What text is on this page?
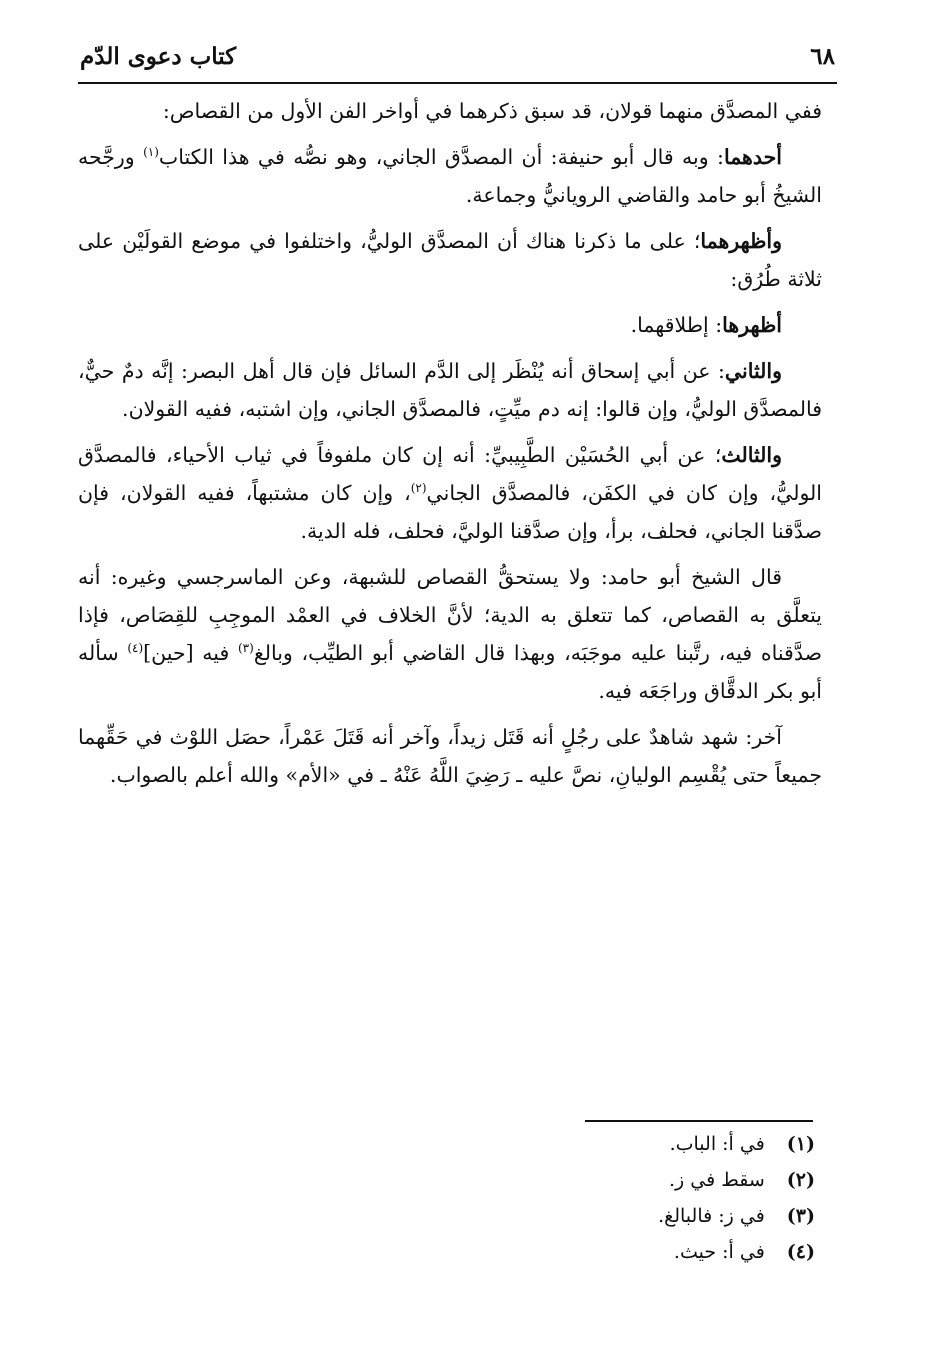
٦٨
كتاب دعوى الدّم

ففي المصدَّق منهما قولان، قد سبق ذكرهما في أواخر الفن الأول من القصاص:

أحدهما: وبه قال أبو حنيفة: أن المصدَّق الجاني، وهو نصُّه في هذا الكتاب$^{(١)}$ ورجَّحه الشيخُ أبو حامد والقاضي الرويانيُّ وجماعة.

وأظهرهما؛ على ما ذكرنا هناك أن المصدَّق الوليُّ، واختلفوا في موضع القولَيْن على ثلاثة طُرُق:

أظهرها: إطلاقهما.

والثاني: عن أبي إسحاق أنه يُنْظَر إلى الدَّم السائل فإن قال أهل البصر: إنَّه دمٌ حيٌّ، فالمصدَّق الوليُّ، وإن قالوا: إنه دم ميِّتٍ، فالمصدَّق الجاني، وإن اشتبه، ففيه القولان.

والثالث؛ عن أبي الحُسَيْن الطَّبِيبيِّ: أنه إن كان ملفوفاً في ثياب الأحياء، فالمصدَّق الوليُّ، وإن كان في الكفَن، فالمصدَّق الجاني$^{(٢)}$، وإن كان مشتبهاً، ففيه القولان، فإن صدَّقنا الجاني، فحلف، برأ، وإن صدَّقنا الوليَّ، فحلف، فله الدية.

قال الشيخ أبو حامد: ولا يستحقُّ القصاص للشبهة، وعن الماسرجسي وغيره: أنه يتعلَّق به القصاص، كما تتعلق به الدية؛ لأنَّ الخلاف في العمْد الموجِبِ للقِصَاص، فإذا صدَّقناه فيه، رتَّبنا عليه موجَبَه، وبهذا قال القاضي أبو الطيِّب، وبالغ$^{(٣)}$ فيه [حين]$^{(٤)}$ سأله أبو بكر الدقَّاق وراجَعَه فيه.

آخر: شهد شاهدٌ على رجُلٍ أنه قَتَل زيداً، وآخر أنه قَتَلَ عَمْراً، حصَل اللوْث في حَقِّهما جميعاً حتى يُقْسِم الوليانِ، نصَّ عليه ـ رَضِيَ اللَّهُ عَنْهُ ـ في «الأم» والله أعلم بالصواب.

(١)
في أ: الباب.
(٢)
سقط في ز.
(٣)
في ز: فالبالغ.
(٤)
في أ: حيث.
